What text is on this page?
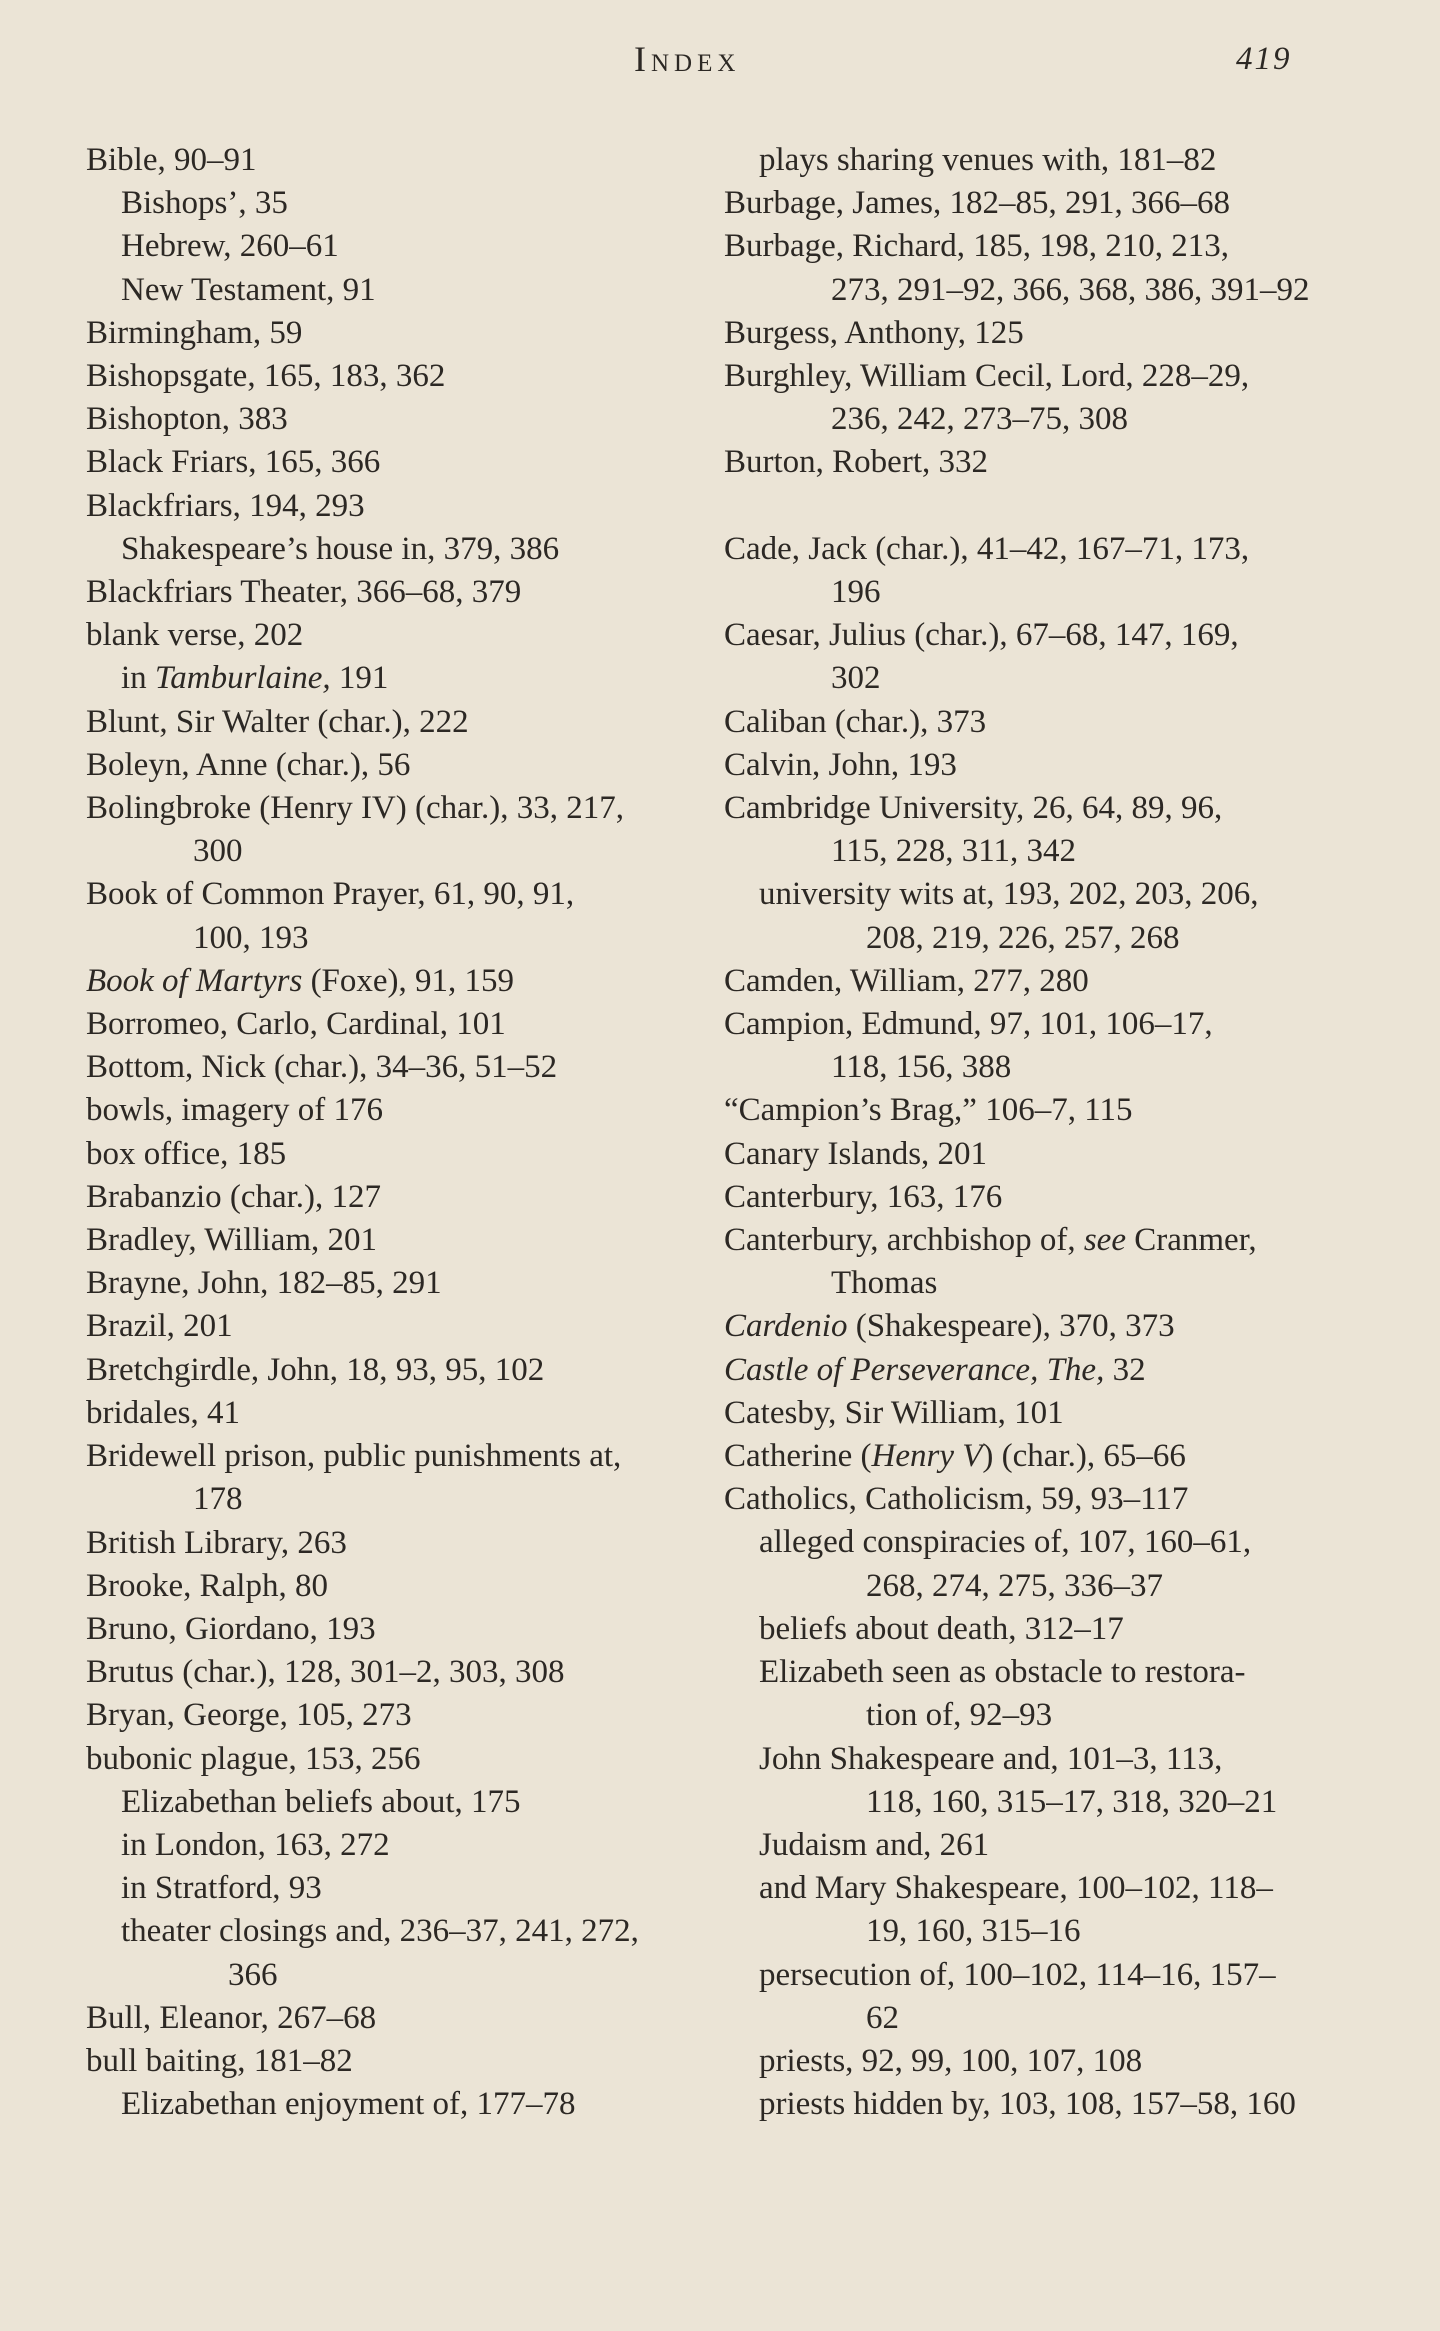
Index	419
Bible, 90–91
Bishops’, 35
Hebrew, 260–61
New Testament, 91
Birmingham, 59
Bishopsgate, 165, 183, 362
Bishopton, 383
Black Friars, 165, 366
Blackfriars, 194, 293
Shakespeare’s house in, 379, 386
Blackfriars Theater, 366–68, 379
blank verse, 202
in Tamburlaine, 191
Blunt, Sir Walter (char.), 222
Boleyn, Anne (char.), 56
Bolingbroke (Henry IV) (char.), 33, 217,
300
Book of Common Prayer, 61, 90, 91,
100, 193
Book of Martyrs (Foxe), 91, 159
Borromeo, Carlo, Cardinal, 101
Bottom, Nick (char.), 34–36, 51–52
bowls, imagery of 176
box office, 185
Brabanzio (char.), 127
Bradley, William, 201
Brayne, John, 182–85, 291
Brazil, 201
Bretchgirdle, John, 18, 93, 95, 102
bridales, 41
Bridewell prison, public punishments at,
178
British Library, 263
Brooke, Ralph, 80
Bruno, Giordano, 193
Brutus (char.), 128, 301–2, 303, 308
Bryan, George, 105, 273
bubonic plague, 153, 256
Elizabethan beliefs about, 175
in London, 163, 272
in Stratford, 93
theater closings and, 236–37, 241, 272,
366
Bull, Eleanor, 267–68
bull baiting, 181–82
Elizabethan enjoyment of, 177–78
plays sharing venues with, 181–82
Burbage, James, 182–85, 291, 366–68
Burbage, Richard, 185, 198, 210, 213,
273, 291–92, 366, 368, 386, 391–92
Burgess, Anthony, 125
Burghley, William Cecil, Lord, 228–29,
236, 242, 273–75, 308
Burton, Robert, 332
Cade, Jack (char.), 41–42, 167–71, 173,
196
Caesar, Julius (char.), 67–68, 147, 169,
302
Caliban (char.), 373
Calvin, John, 193
Cambridge University, 26, 64, 89, 96,
115, 228, 311, 342
university wits at, 193, 202, 203, 206,
208, 219, 226, 257, 268
Camden, William, 277, 280
Campion, Edmund, 97, 101, 106–17,
118, 156, 388
“Campion’s Brag,” 106–7, 115
Canary Islands, 201
Canterbury, 163, 176
Canterbury, archbishop of, see Cranmer,
Thomas
Cardenio (Shakespeare), 370, 373
Castle of Perseverance, The, 32
Catesby, Sir William, 101
Catherine (Henry V) (char.), 65–66
Catholics, Catholicism, 59, 93–117
alleged conspiracies of, 107, 160–61,
268, 274, 275, 336–37
beliefs about death, 312–17
Elizabeth seen as obstacle to restora-
tion of, 92–93
John Shakespeare and, 101–3, 113,
118, 160, 315–17, 318, 320–21
Judaism and, 261
and Mary Shakespeare, 100–102, 118–
19, 160, 315–16
persecution of, 100–102, 114–16, 157–
62
priests, 92, 99, 100, 107, 108
priests hidden by, 103, 108, 157–58, 160
